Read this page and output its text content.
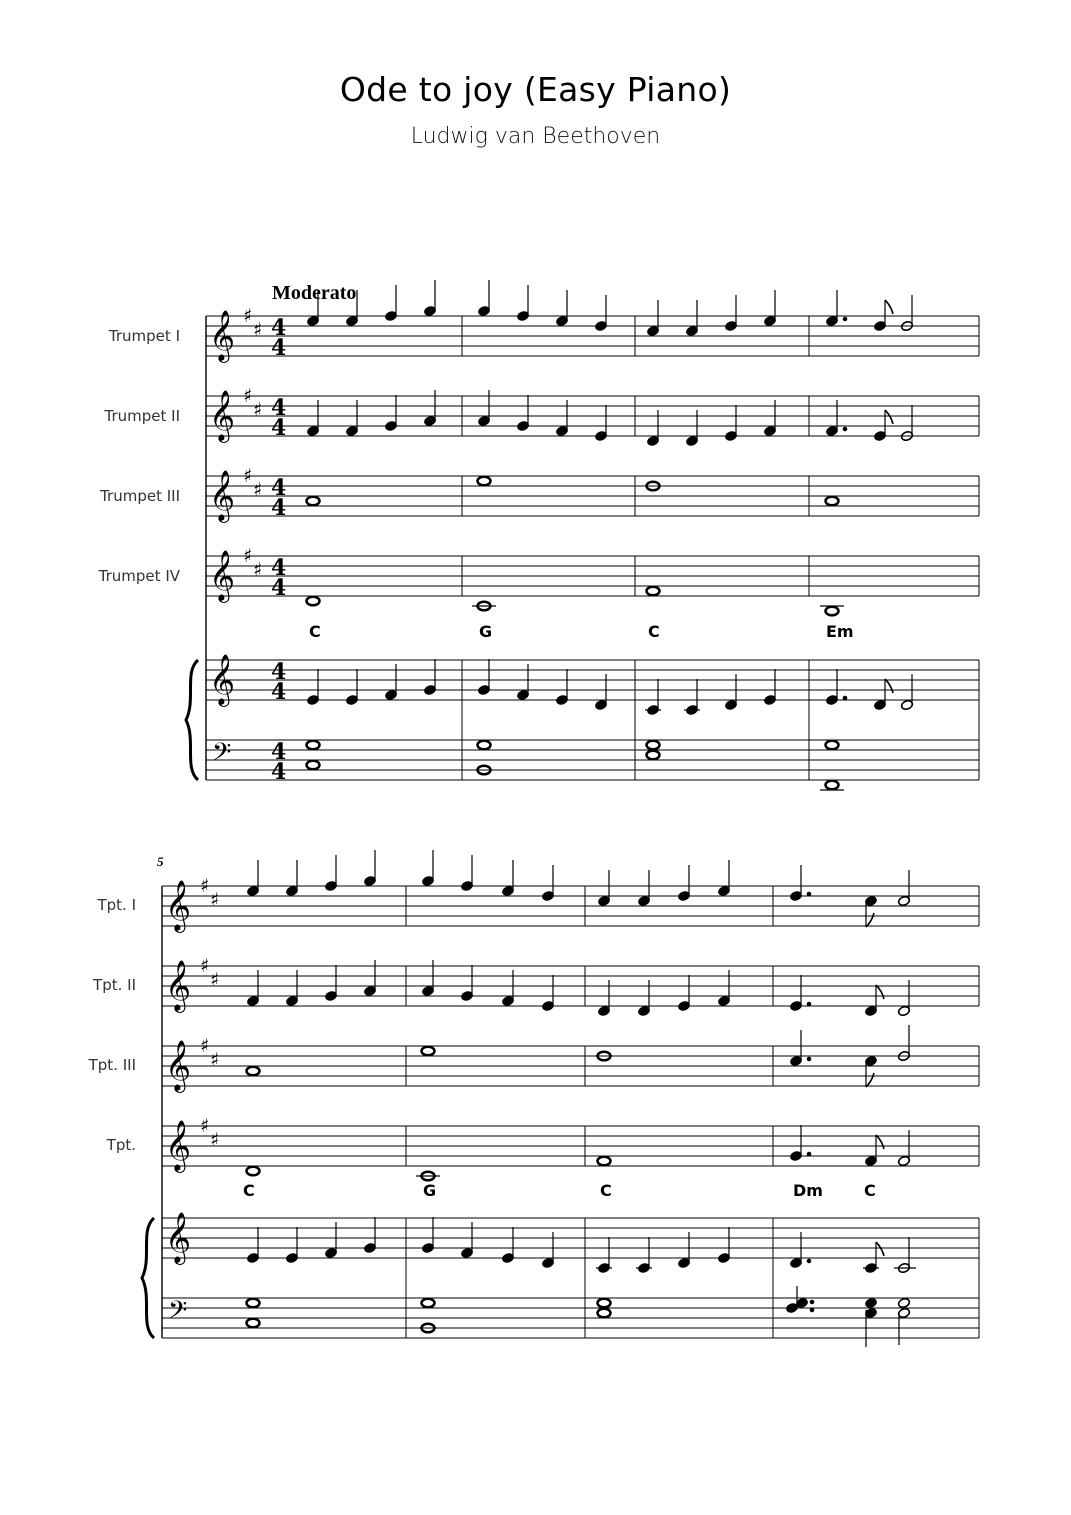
Ode to joy (Easy Piano)
Ludwig van Beethoven
Moderato
Trumpet I
Trumpet II
Trumpet III
Trumpet IV
𝄞
𝄞
𝄞
𝄞
𝄞
𝄢
♯
♯
♯
♯
♯
♯
♯
♯
4
4
4
4
4
4
4
4
4
4
4
4
C	G	C	Em
5
Tpt. I
Tpt. II
Tpt. III
Tpt.
𝄞
𝄞
𝄞
𝄞
𝄞
𝄢
♯
♯
♯
♯
♯
♯
♯
♯
C	G	C	Dm	C
